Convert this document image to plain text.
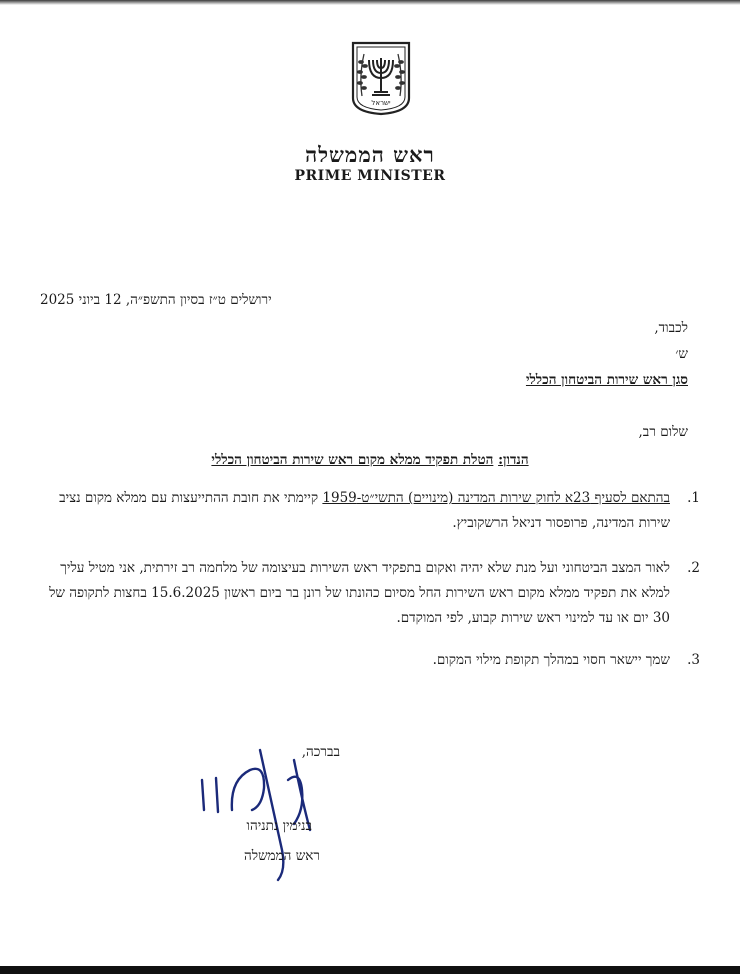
ישראל
ראש הממשלה
PRIME MINISTER
ירושלים ט״ז בסיון התשפ״ה, 12 ביוני 2025
לכבוד,
ש׳
סגן ראש שירות הביטחון הכללי
שלום רב,
הנדון: הטלת תפקיד ממלא מקום ראש שירות הביטחון הכללי
1.
בהתאם לסעיף 23א לחוק שירות המדינה (מינויים) התשי״ט-1959 קיימתי את חובת ההתייעצות עם ממלא מקום נציב שירות המדינה, פרופסור דניאל הרשקוביץ.
2.
לאור המצב הביטחוני ועל מנת שלא יהיה ואקום בתפקיד ראש השירות בעיצומה של מלחמה רב זירתית, אני מטיל עליך למלא את תפקיד ממלא מקום ראש השירות החל מסיום כהונתו של רונן בר ביום ראשון 15.6.2025 בחצות לתקופה של 30 יום או עד למינוי ראש שירות קבוע, לפי המוקדם.
3.
שמך יישאר חסוי במהלך תקופת מילוי המקום.
בברכה,
בנימין נתניהו
ראש הממשלה
